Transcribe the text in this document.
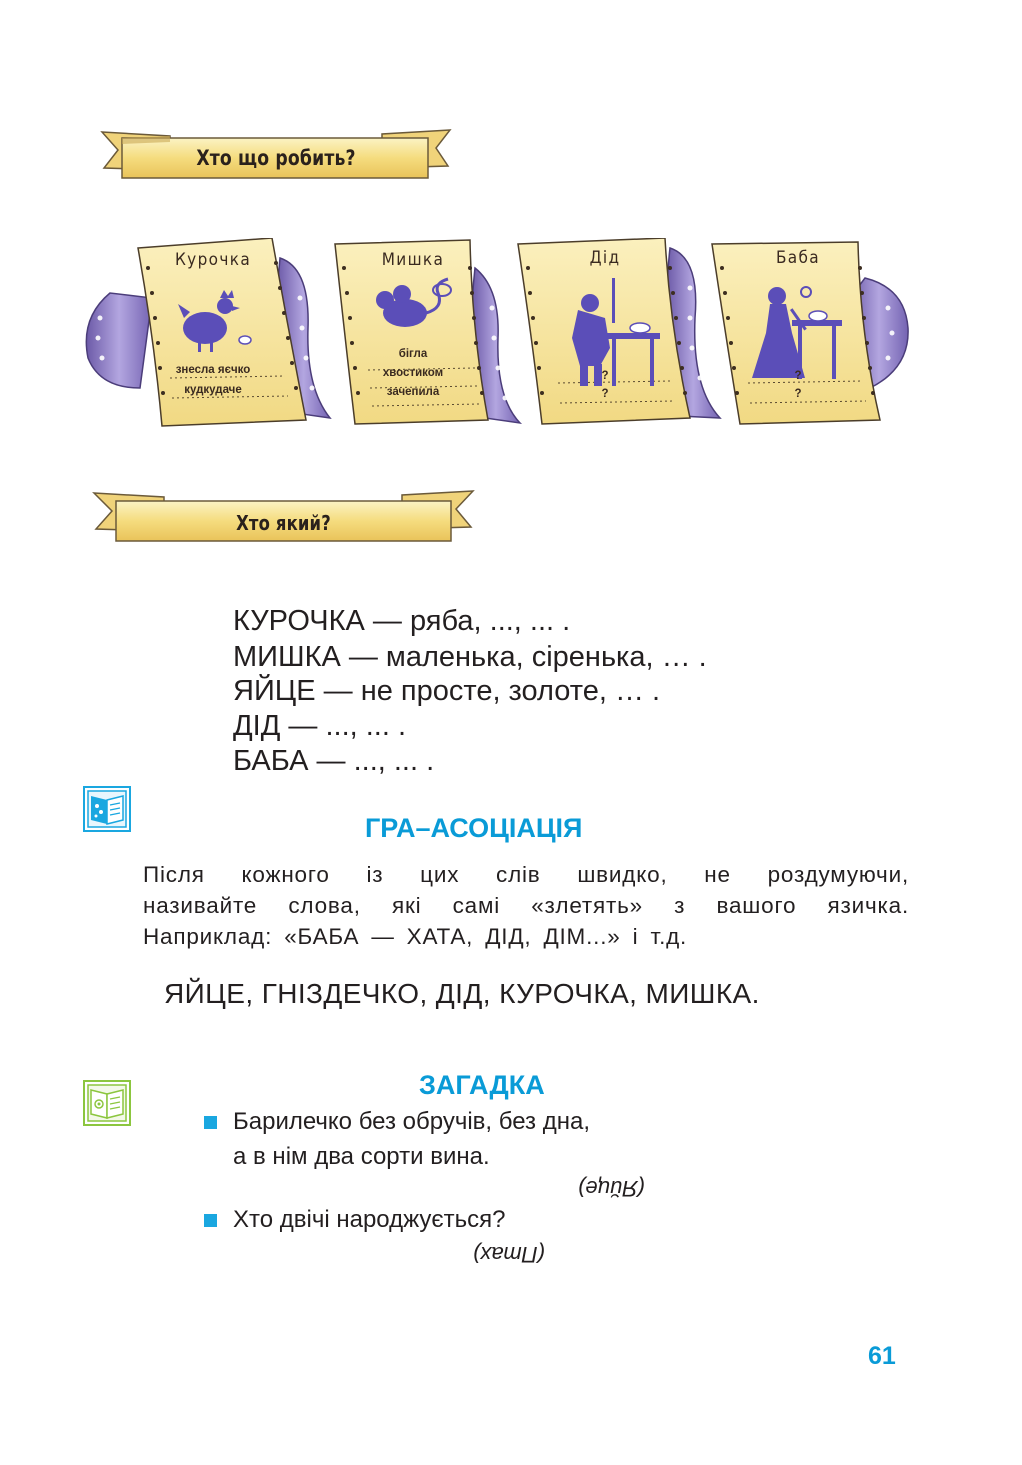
Хто що робить?
Курочка
знесла яєчко
кудкудаче
Мишка
бігла
хвостиком
зачепила
Дід
?
?
Баба
?
?
Хто який?
КУРОЧКА — ряба, ..., ... .
МИШКА — маленька, сіренька, … .
ЯЙЦЕ — не просте, золоте, … .
ДІД — ..., ... .
БАБА — ..., ... .
ГРА–АСОЦІАЦІЯ
Після кожного із цих слів швидко, не роздумуючи,
називайте слова, які самі «злетять» з вашого язичка.
Наприклад: «БАБА — ХАТА, ДІД, ДІМ...» і т.д.
ЯЙЦЕ, ГНІЗДЕЧКО, ДІД, КУРОЧКА, МИШКА.
ЗАГАДКА
Барилечко без обручів, без дна,
а в нім два сорти вина.
(Яйце)
Хто двічі народжується?
(Птах)
61
